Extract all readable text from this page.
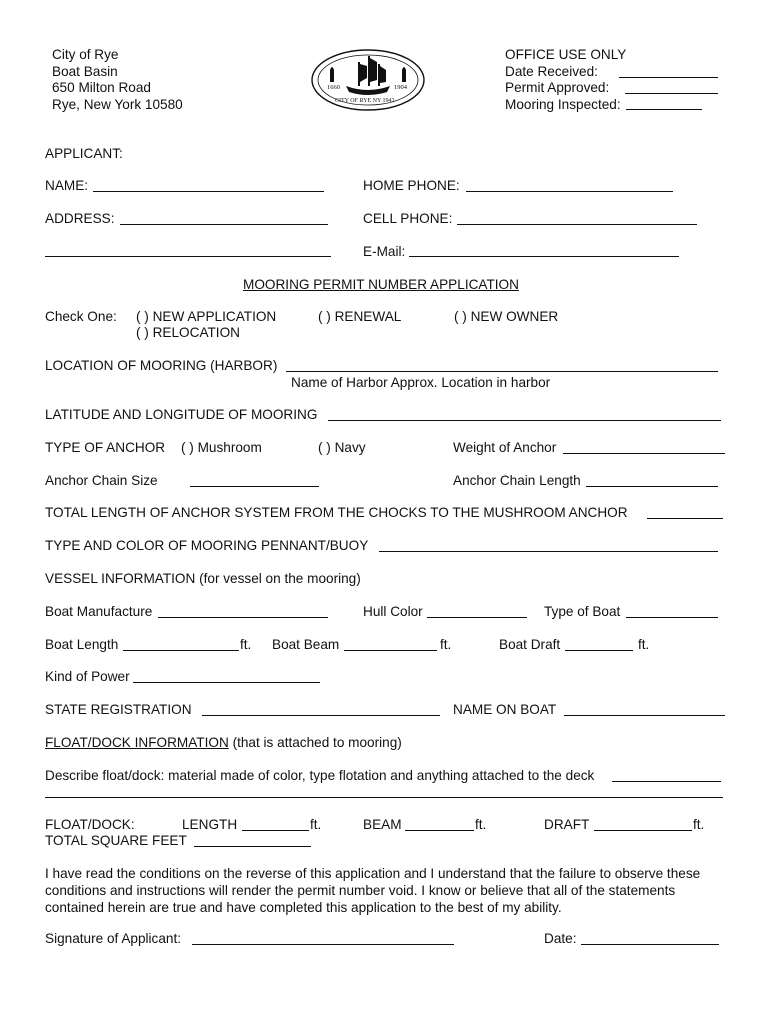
City of Rye
Boat Basin
650 Milton Road
Rye, New York 10580
1660	1904
CITY OF RYE NY 1942
OFFICE USE ONLY
Date Received:
Permit Approved:
Mooring Inspected:
APPLICANT:
NAME:	HOME PHONE:
ADDRESS:	CELL PHONE:
E-Mail:
MOORING PERMIT NUMBER APPLICATION
Check One: ( ) NEW APPLICATION
( ) RELOCATION
( ) RENEWAL	( ) NEW OWNER
LOCATION OF MOORING (HARBOR)
Name of Harbor Approx. Location in harbor
LATITUDE AND LONGITUDE OF MOORING
TYPE OF ANCHOR ( ) Mushroom	( ) Navy	Weight of Anchor
Anchor Chain Size	Anchor Chain Length
TOTAL LENGTH OF ANCHOR SYSTEM FROM THE CHOCKS TO THE MUSHROOM ANCHOR
TYPE AND COLOR OF MOORING PENNANT/BUOY
VESSEL INFORMATION (for vessel on the mooring)
Boat Manufacture	Hull Color	Type of Boat
Boat Length	ft. Boat Beam	ft.	Boat Draft	ft.
Kind of Power
STATE REGISTRATION	NAME ON BOAT
FLOAT/DOCK INFORMATION (that is attached to mooring)
Describe float/dock: material made of color, type flotation and anything attached to the deck
FLOAT/DOCK:	LENGTH	ft.	BEAM	ft.	DRAFT	ft.
TOTAL SQUARE FEET
I have read the conditions on the reverse of this application and I understand that the failure to observe these conditions and instructions will render the permit number void. I know or believe that all of the statements contained herein are true and have completed this application to the best of my ability.
Signature of Applicant:	Date:
